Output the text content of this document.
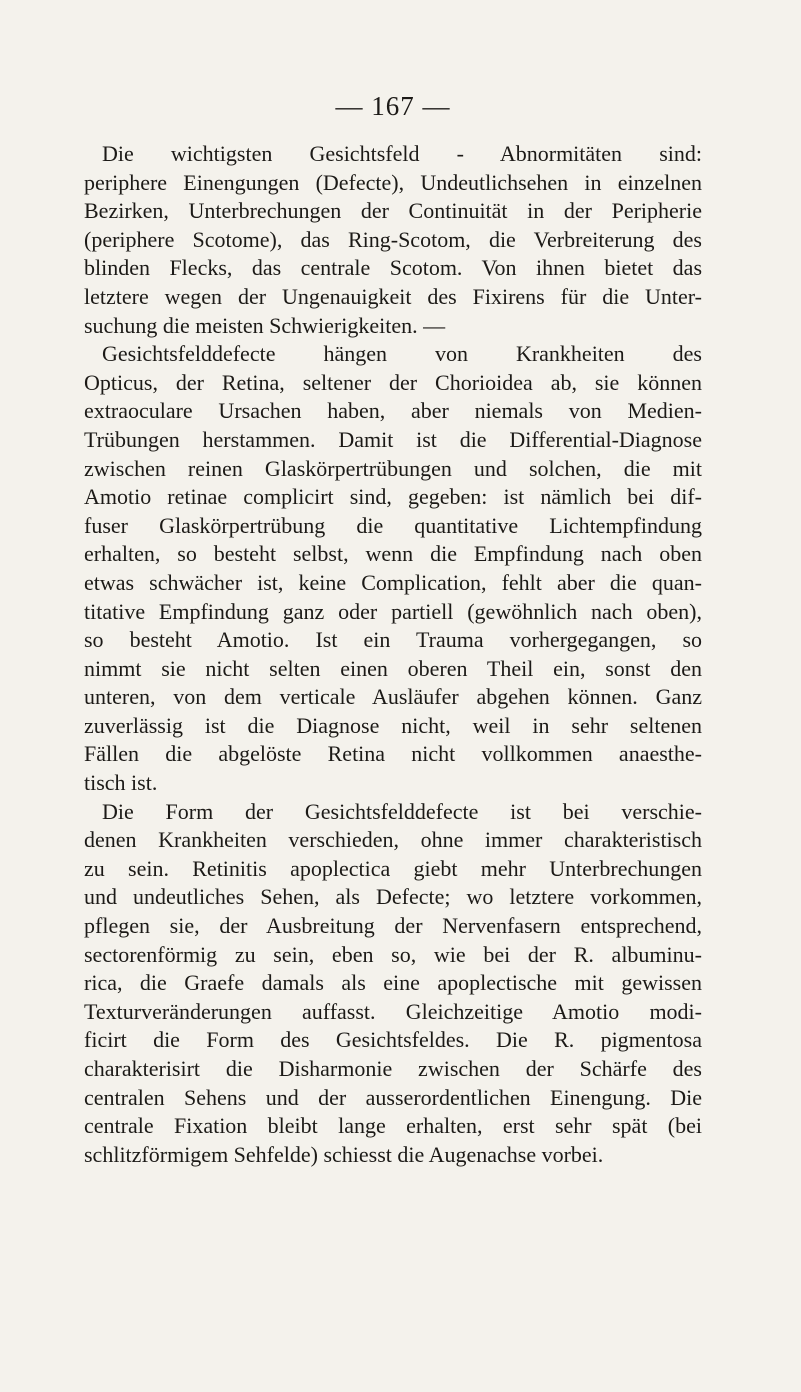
— 167 —
Die wichtigsten Gesichtsfeld - Abnormitäten sind:
periphere Einengungen (Defecte), Undeutlichsehen in einzelnen
Bezirken, Unterbrechungen der Continuität in der Peripherie
(periphere Scotome), das Ring-Scotom, die Verbreiterung des
blinden Flecks, das centrale Scotom. Von ihnen bietet das
letztere wegen der Ungenauigkeit des Fixirens für die Unter-
suchung die meisten Schwierigkeiten. —
Gesichtsfelddefecte hängen von Krankheiten des
Opticus, der Retina, seltener der Chorioidea ab, sie können
extraoculare Ursachen haben, aber niemals von Medien-
Trübungen herstammen. Damit ist die Differential-Diagnose
zwischen reinen Glaskörpertrübungen und solchen, die mit
Amotio retinae complicirt sind, gegeben: ist nämlich bei dif-
fuser Glaskörpertrübung die quantitative Lichtempfindung
erhalten, so besteht selbst, wenn die Empfindung nach oben
etwas schwächer ist, keine Complication, fehlt aber die quan-
titative Empfindung ganz oder partiell (gewöhnlich nach oben),
so besteht Amotio. Ist ein Trauma vorhergegangen, so
nimmt sie nicht selten einen oberen Theil ein, sonst den
unteren, von dem verticale Ausläufer abgehen können. Ganz
zuverlässig ist die Diagnose nicht, weil in sehr seltenen
Fällen die abgelöste Retina nicht vollkommen anaesthe-
tisch ist.
Die Form der Gesichtsfelddefecte ist bei verschie-
denen Krankheiten verschieden, ohne immer charakteristisch
zu sein. Retinitis apoplectica giebt mehr Unterbrechungen
und undeutliches Sehen, als Defecte; wo letztere vorkommen,
pflegen sie, der Ausbreitung der Nervenfasern entsprechend,
sectorenförmig zu sein, eben so, wie bei der R. albuminu-
rica, die Graefe damals als eine apoplectische mit gewissen
Texturveränderungen auffasst. Gleichzeitige Amotio modi-
ficirt die Form des Gesichtsfeldes. Die R. pigmentosa
charakterisirt die Disharmonie zwischen der Schärfe des
centralen Sehens und der ausserordentlichen Einengung. Die
centrale Fixation bleibt lange erhalten, erst sehr spät (bei
schlitzförmigem Sehfelde) schiesst die Augenachse vorbei.
